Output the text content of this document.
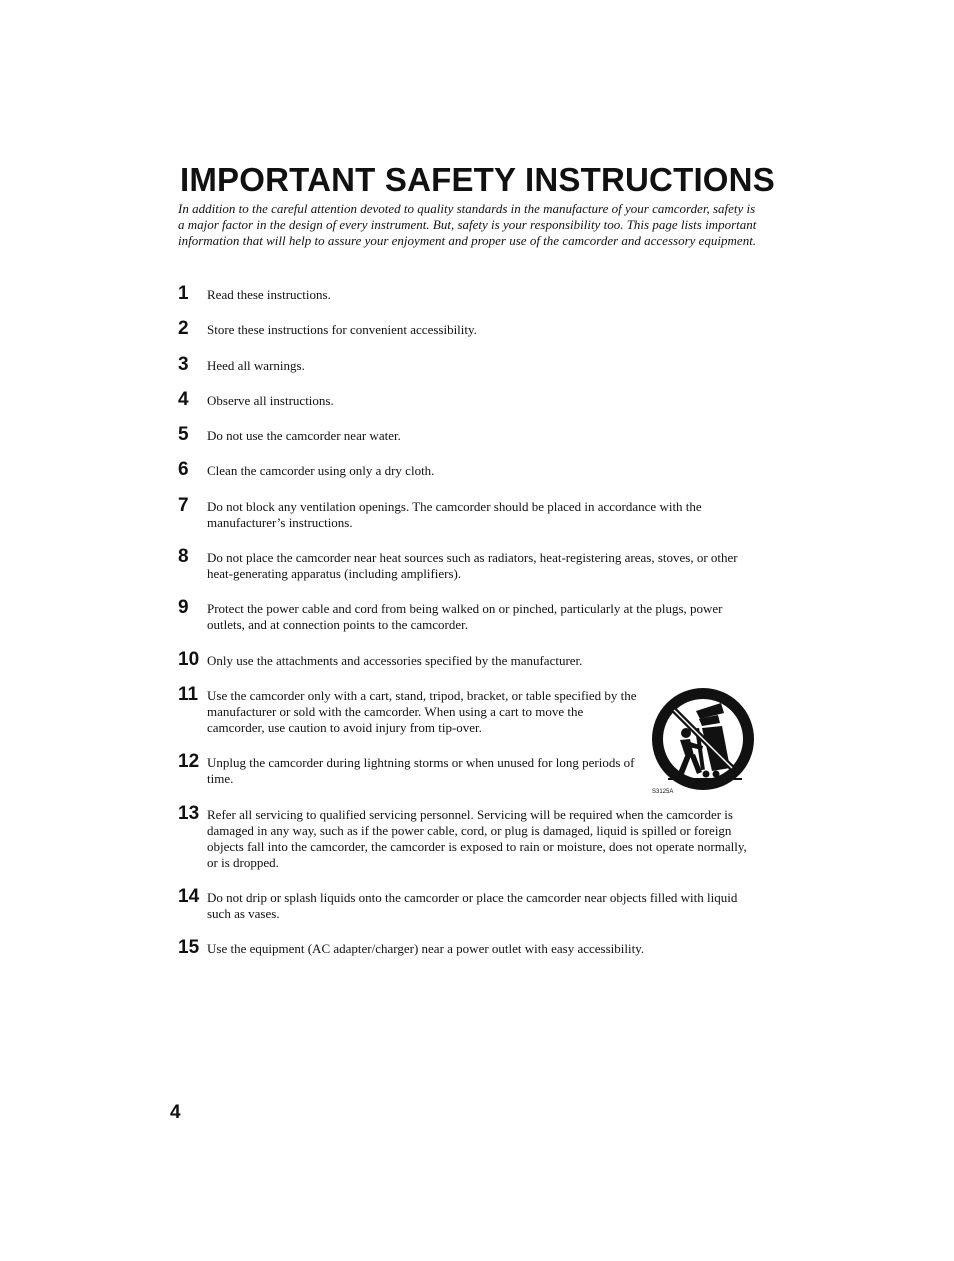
IMPORTANT SAFETY INSTRUCTIONS
In addition to the careful attention devoted to quality standards in the manufacture of your camcorder, safety is a major factor in the design of every instrument. But, safety is your responsibility too. This page lists important information that will help to assure your enjoyment and proper use of the camcorder and accessory equipment.
1 Read these instructions.
2 Store these instructions for convenient accessibility.
3 Heed all warnings.
4 Observe all instructions.
5 Do not use the camcorder near water.
6 Clean the camcorder using only a dry cloth.
7 Do not block any ventilation openings. The camcorder should be placed in accordance with the manufacturer’s instructions.
8 Do not place the camcorder near heat sources such as radiators, heat-registering areas, stoves, or other heat-generating apparatus (including amplifiers).
9 Protect the power cable and cord from being walked on or pinched, particularly at the plugs, power outlets, and at connection points to the camcorder.
10 Only use the attachments and accessories specified by the manufacturer.
11 Use the camcorder only with a cart, stand, tripod, bracket, or table specified by the manufacturer or sold with the camcorder. When using a cart to move the camcorder, use caution to avoid injury from tip-over.
12 Unplug the camcorder during lightning storms or when unused for long periods of time.
13 Refer all servicing to qualified servicing personnel. Servicing will be required when the camcorder is damaged in any way, such as if the power cable, cord, or plug is damaged, liquid is spilled or foreign objects fall into the camcorder, the camcorder is exposed to rain or moisture, does not operate normally, or is dropped.
14 Do not drip or splash liquids onto the camcorder or place the camcorder near objects filled with liquid such as vases.
15 Use the equipment (AC adapter/charger) near a power outlet with easy accessibility.
S3125A
4
